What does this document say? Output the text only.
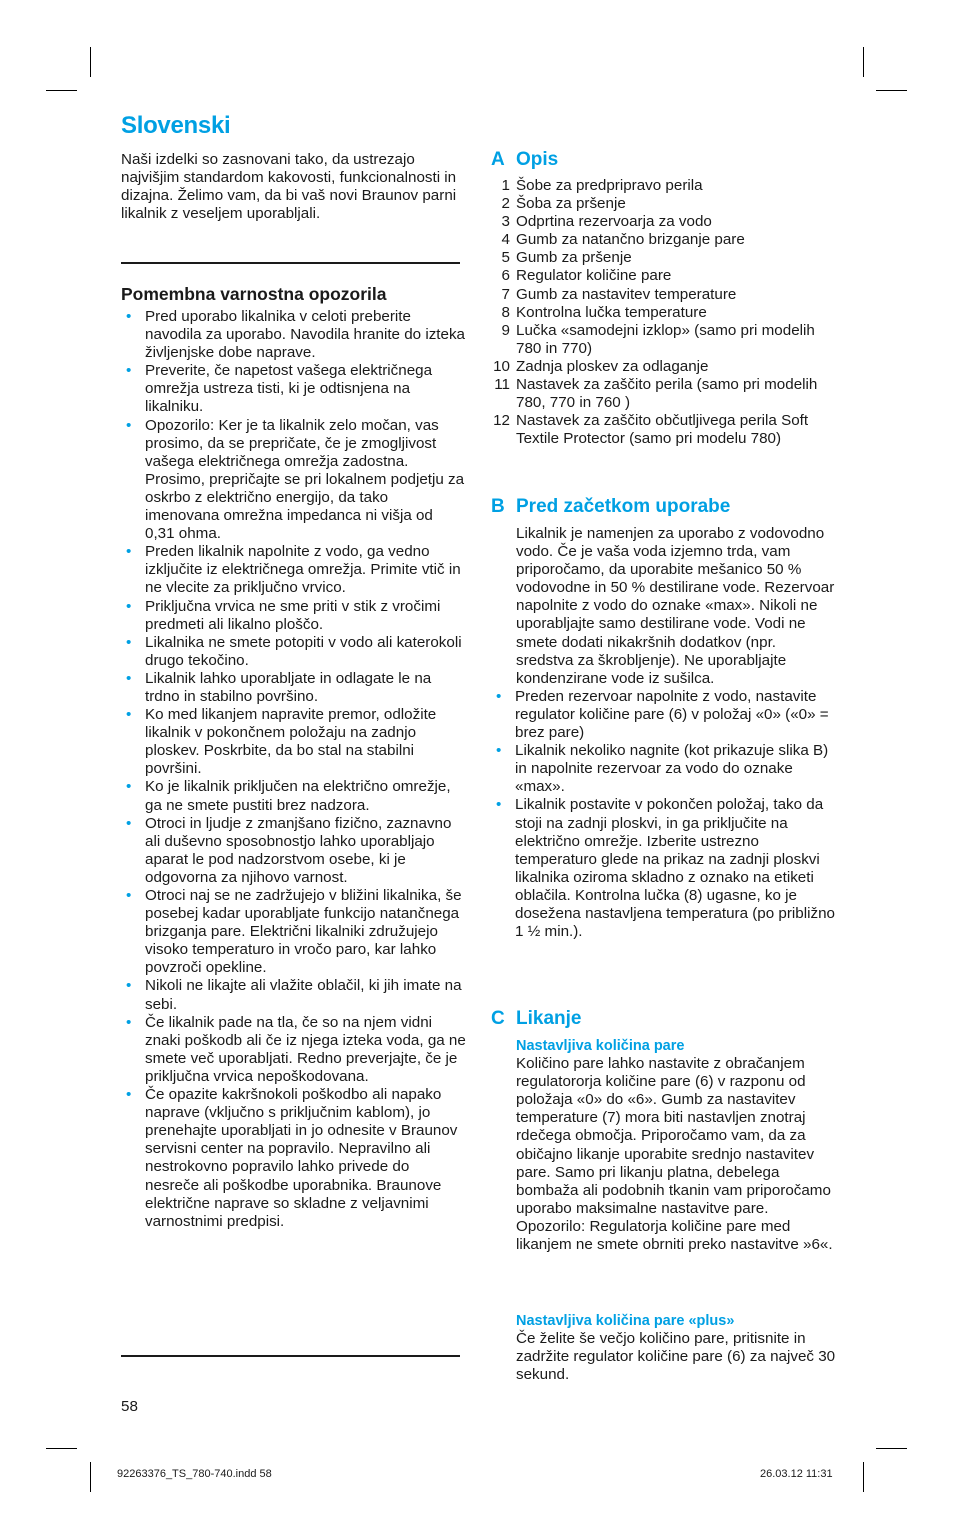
Slovenski
Naši izdelki so zasnovani tako, da ustrezajo najvišjim standardom kakovosti, funkcionalnosti in dizajna. Želimo vam, da bi vaš novi Braunov parni likalnik z veseljem uporabljali.
Pomembna varnostna opozorila
• Pred uporabo likalnika v celoti preberite navodila za uporabo. Navodila hranite do izteka življenjske dobe naprave.
• Preverite, če napetost vašega električnega omrežja ustreza tisti, ki je odtisnjena na likalniku.
• Opozorilo: Ker je ta likalnik zelo močan, vas prosimo, da se prepričate, če je zmogljivost vašega električnega omrežja zadostna. Prosimo, prepričajte se pri lokalnem podjetju za oskrbo z električno energijo, da tako imenovana omrežna impedanca ni višja od 0,31 ohma.
• Preden likalnik napolnite z vodo, ga vedno izključite iz električnega omrežja. Primite vtič in ne vlecite za priključno vrvico.
• Priključna vrvica ne sme priti v stik z vročimi predmeti ali likalno ploščo.
• Likalnika ne smete potopiti v vodo ali katerokoli drugo tekočino.
• Likalnik lahko uporabljate in odlagate le na trdno in stabilno površino.
• Ko med likanjem napravite premor, odložite likalnik v pokončnem položaju na zadnjo ploskev. Poskrbite, da bo stal na stabilni površini.
• Ko je likalnik priključen na električno omrežje, ga ne smete pustiti brez nadzora.
• Otroci in ljudje z zmanjšano fizično, zaznavno ali duševno sposobnostjo lahko uporabljajo aparat le pod nadzorstvom osebe, ki je odgovorna za njihovo varnost.
• Otroci naj se ne zadržujejo v bližini likalnika, še posebej kadar uporabljate funkcijo natančnega brizganja pare. Električni likalniki združujejo visoko temperaturo in vročo paro, kar lahko povzroči opekline.
• Nikoli ne likajte ali vlažite oblačil, ki jih imate na sebi.
• Če likalnik pade na tla, če so na njem vidni znaki poškodb ali če iz njega izteka voda, ga ne smete več uporabljati. Redno preverjajte, če je priključna vrvica nepoškodovana.
• Če opazite kakršnokoli poškodbo ali napako naprave (vključno s priključnim kablom), jo prenehajte uporabljati in jo odnesite v Braunov servisni center na popravilo. Nepravilno ali nestrokovno popravilo lahko privede do nesreče ali poškodbe uporabnika. Braunove električne naprave so skladne z veljavnimi varnostnimi predpisi.
58
A Opis
1 Šobe za predpripravo perila
2 Šoba za pršenje
3 Odprtina rezervoarja za vodo
4 Gumb za natančno brizganje pare
5 Gumb za pršenje
6 Regulator količine pare
7 Gumb za nastavitev temperature
8 Kontrolna lučka temperature
9 Lučka «samodejni izklop» (samo pri modelih 780 in 770)
10 Zadnja ploskev za odlaganje
11 Nastavek za zaščito perila (samo pri modelih 780, 770 in 760 )
12 Nastavek za zaščito občutljivega perila Soft Textile Protector (samo pri modelu 780)
B Pred začetkom uporabe
Likalnik je namenjen za uporabo z vodovodno vodo. Če je vaša voda izjemno trda, vam priporočamo, da uporabite mešanico 50 % vodovodne in 50 % destilirane vode. Rezervoar napolnite z vodo do oznake «max». Nikoli ne uporabljajte samo destilirane vode. Vodi ne smete dodati nikakršnih dodatkov (npr. sredstva za škrobljenje). Ne uporabljajte kondenzirane vode iz sušilca.
• Preden rezervoar napolnite z vodo, nastavite regulator količine pare (6) v položaj «0» («0» = brez pare)
• Likalnik nekoliko nagnite (kot prikazuje slika B) in napolnite rezervoar za vodo do oznake «max».
• Likalnik postavite v pokončen položaj, tako da stoji na zadnji ploskvi, in ga priključite na električno omrežje. Izberite ustrezno temperaturo glede na prikaz na zadnji ploskvi likalnika oziroma skladno z oznako na etiketi oblačila. Kontrolna lučka (8) ugasne, ko je doseženа nastavljena temperatura (po približno 1 ½ min.).
C Likanje
Nastavljiva količina pare
Količino pare lahko nastavite z obračanjem regulatororja količine pare (6) v razponu od položaja «0» do «6». Gumb za nastavitev temperature (7) mora biti nastavljen znotraj rdečega območja. Priporočamo vam, da za običajno likanje uporabite srednjo nastavitev pare. Samo pri likanju platna, debelega bombaža ali podobnih tkanin vam priporočamo uporabo maksimalne nastavitve pare. Opozorilo: Regulatorja količine pare med likanjem ne smete obrniti preko nastavitve »6«.
Nastavljiva količina pare «plus»
Če želite še večjo količino pare, pritisnite in zadržite regulator količine pare (6) za največ 30 sekund.
92263376_TS_780-740.indd 58	26.03.12 11:31
